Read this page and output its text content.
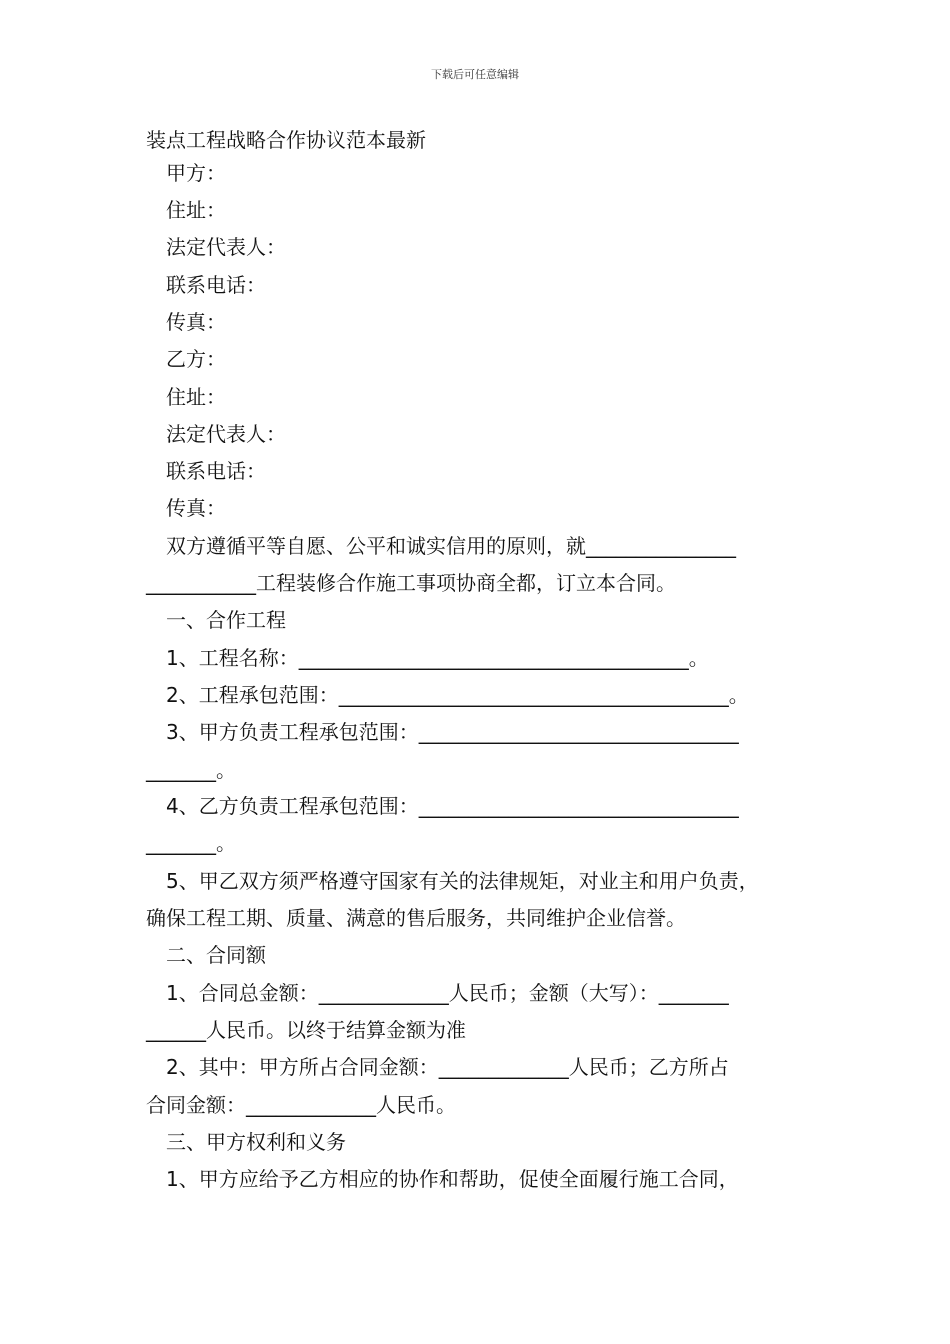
下载后可任意编辑
装点工程战略合作协议范本最新
　甲方：
　住址：
　法定代表人：
　联系电话：
　传真：
　乙方：
　住址：
　法定代表人：
　联系电话：
　传真：
　双方遵循平等自愿、公平和诚实信用的原则，就_______________
___________工程装修合作施工事项协商全都，订立本合同。
　一、合作工程
　1、工程名称：_______________________________________。
　2、工程承包范围：_______________________________________。
　3、甲方负责工程承包范围：________________________________
_______。
　4、乙方负责工程承包范围：________________________________
_______。
　5、甲乙双方须严格遵守国家有关的法律规矩，对业主和用户负责，
确保工程工期、质量、满意的售后服务，共同维护企业信誉。
　二、合同额
　1、合同总金额：_____________人民币；金额（大写）：_______
______人民币。以终于结算金额为准
　2、其中：甲方所占合同金额：_____________人民币；乙方所占
合同金额：_____________人民币。
　三、甲方权利和义务
　1、甲方应给予乙方相应的协作和帮助，促使全面履行施工合同，
